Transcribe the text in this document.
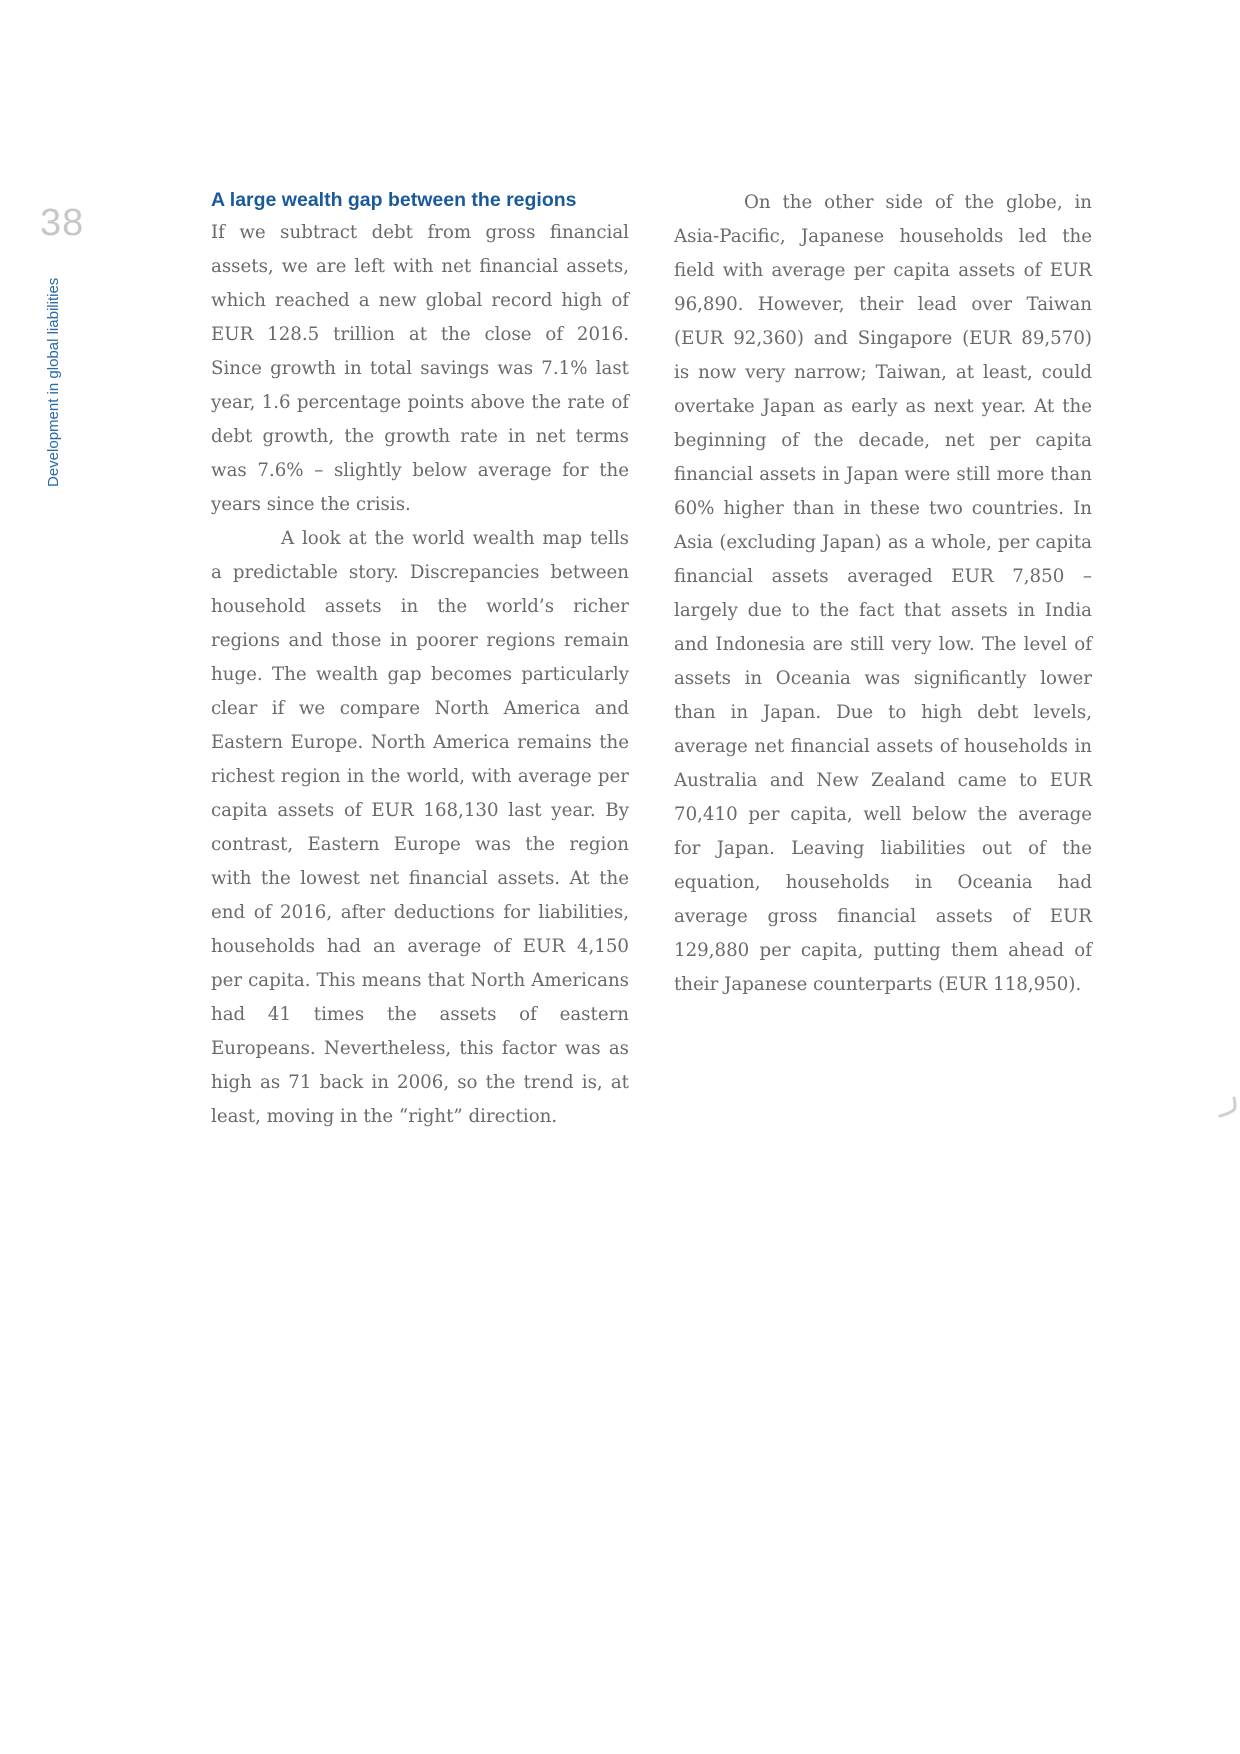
38
Development in global liabilities
A large wealth gap between the regions

If we subtract debt from gross financial assets, we are left with net financial assets, which reached a new global record high of EUR 128.5 trillion at the close of 2016. Since growth in total savings was 7.1% last year, 1.6 percentage points above the rate of debt growth, the growth rate in net terms was 7.6% – slightly below average for the years since the crisis.

A look at the world wealth map tells a predictable story. Discrepancies between household assets in the world’s richer regions and those in poorer regions remain huge. The wealth gap becomes particularly clear if we compare North America and Eastern Europe. North America remains the richest region in the world, with average per capita assets of EUR 168,130 last year. By contrast, Eastern Europe was the region with the lowest net financial assets. At the end of 2016, after deductions for liabilities, households had an average of EUR 4,150 per capita. This means that North Americans had 41 times the assets of eastern Europeans. Nevertheless, this factor was as high as 71 back in 2006, so the trend is, at least, moving in the “right” direction.

On the other side of the globe, in Asia-Pacific, Japanese households led the field with average per capita assets of EUR 96,890. However, their lead over Taiwan (EUR 92,360) and Singapore (EUR 89,570) is now very narrow; Taiwan, at least, could overtake Japan as early as next year. At the beginning of the decade, net per capita financial assets in Japan were still more than 60% higher than in these two countries. In Asia (excluding Japan) as a whole, per capita financial assets averaged EUR 7,850 – largely due to the fact that assets in India and Indonesia are still very low. The level of assets in Oceania was significantly lower than in Japan. Due to high debt levels, average net financial assets of households in Australia and New Zealand came to EUR 70,410 per capita, well below the average for Japan. Leaving liabilities out of the equation, households in Oceania had average gross financial assets of EUR 129,880 per capita, putting them ahead of their Japanese counterparts (EUR 118,950).
